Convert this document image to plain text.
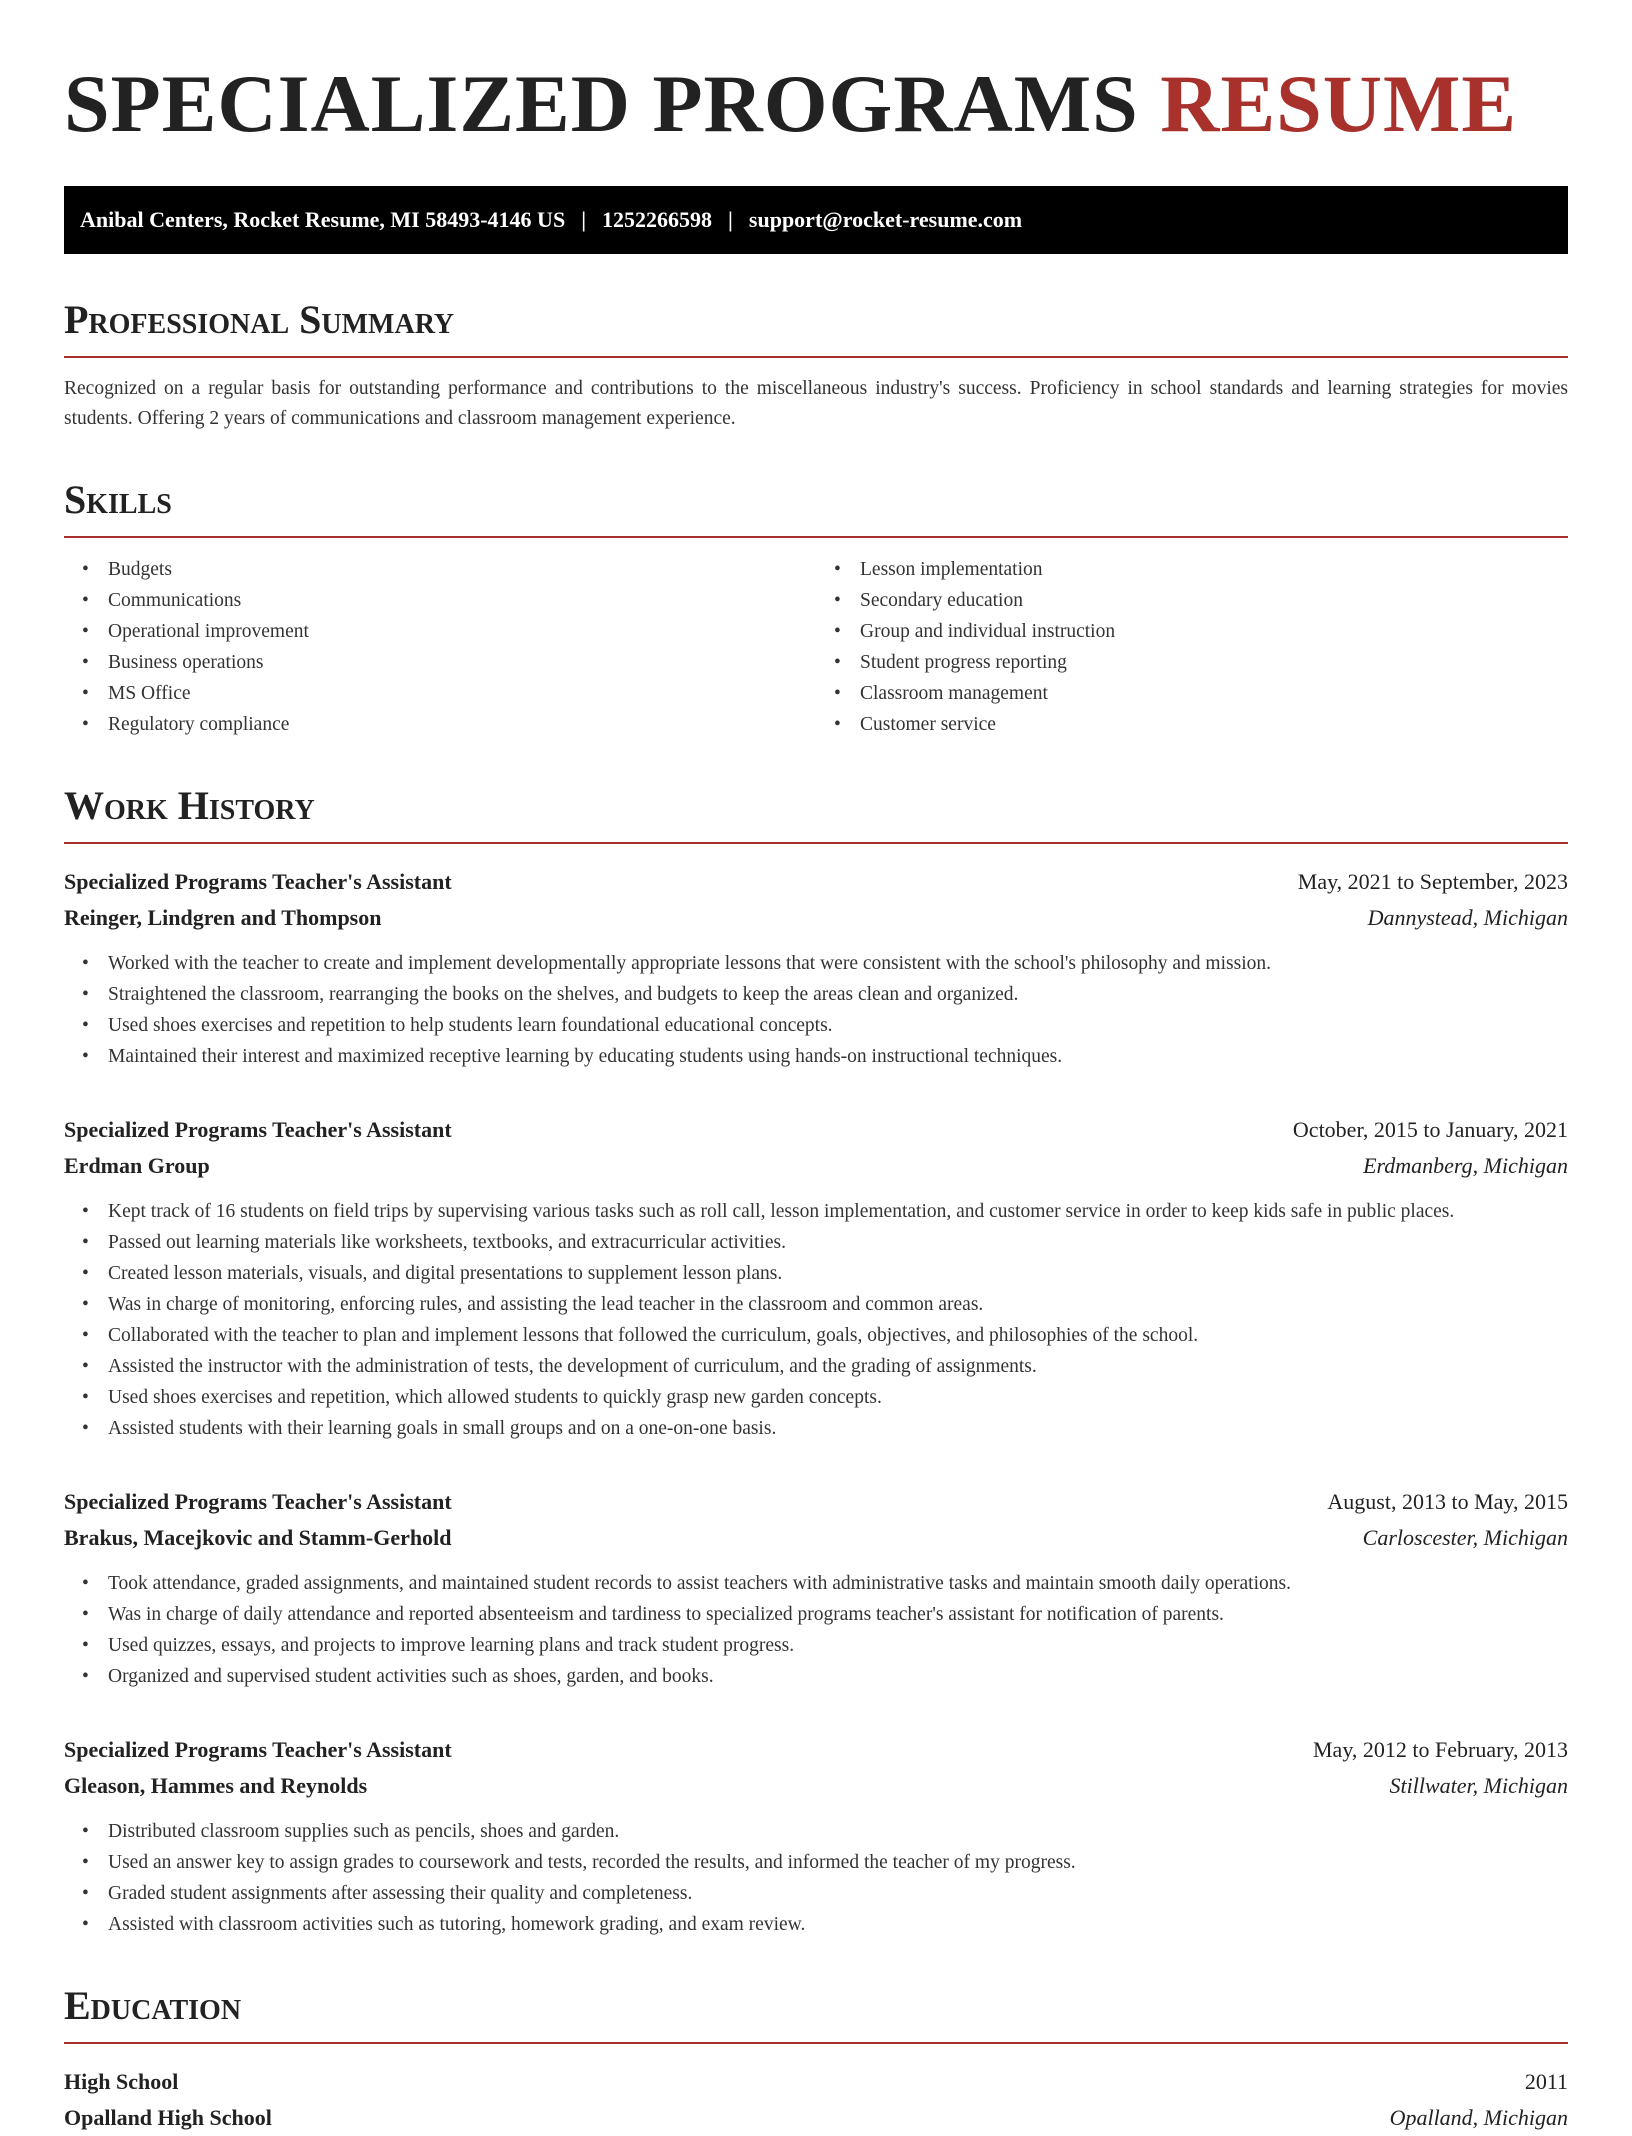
SPECIALIZED PROGRAMS RESUME
Anibal Centers, Rocket Resume, MI 58493-4146 US | 1252266598 | support@rocket-resume.com
Professional Summary

Recognized on a regular basis for outstanding performance and contributions to the miscellaneous industry's success. Proficiency in school standards and learning strategies for movies students. Offering 2 years of communications and classroom management experience.

Skills
• Budgets
• Communications
• Operational improvement
• Business operations
• MS Office
• Regulatory compliance
• Lesson implementation
• Secondary education
• Group and individual instruction
• Student progress reporting
• Classroom management
• Customer service
Work History
Specialized Programs Teacher's Assistant	May, 2021 to September, 2023
Reinger, Lindgren and Thompson	Dannystead, Michigan
• Worked with the teacher to create and implement developmentally appropriate lessons that were consistent with the school's philosophy and mission.
• Straightened the classroom, rearranging the books on the shelves, and budgets to keep the areas clean and organized.
• Used shoes exercises and repetition to help students learn foundational educational concepts.
• Maintained their interest and maximized receptive learning by educating students using hands-on instructional techniques.
Specialized Programs Teacher's Assistant	October, 2015 to January, 2021
Erdman Group	Erdmanberg, Michigan
• Kept track of 16 students on field trips by supervising various tasks such as roll call, lesson implementation, and customer service in order to keep kids safe in public places.
• Passed out learning materials like worksheets, textbooks, and extracurricular activities.
• Created lesson materials, visuals, and digital presentations to supplement lesson plans.
• Was in charge of monitoring, enforcing rules, and assisting the lead teacher in the classroom and common areas.
• Collaborated with the teacher to plan and implement lessons that followed the curriculum, goals, objectives, and philosophies of the school.
• Assisted the instructor with the administration of tests, the development of curriculum, and the grading of assignments.
• Used shoes exercises and repetition, which allowed students to quickly grasp new garden concepts.
• Assisted students with their learning goals in small groups and on a one-on-one basis.
Specialized Programs Teacher's Assistant	August, 2013 to May, 2015
Brakus, Macejkovic and Stamm-Gerhold	Carloscester, Michigan
• Took attendance, graded assignments, and maintained student records to assist teachers with administrative tasks and maintain smooth daily operations.
• Was in charge of daily attendance and reported absenteeism and tardiness to specialized programs teacher's assistant for notification of parents.
• Used quizzes, essays, and projects to improve learning plans and track student progress.
• Organized and supervised student activities such as shoes, garden, and books.
Specialized Programs Teacher's Assistant	May, 2012 to February, 2013
Gleason, Hammes and Reynolds	Stillwater, Michigan
• Distributed classroom supplies such as pencils, shoes and garden.
• Used an answer key to assign grades to coursework and tests, recorded the results, and informed the teacher of my progress.
• Graded student assignments after assessing their quality and completeness.
• Assisted with classroom activities such as tutoring, homework grading, and exam review.
Education
High School	2011
Opalland High School	Opalland, Michigan
